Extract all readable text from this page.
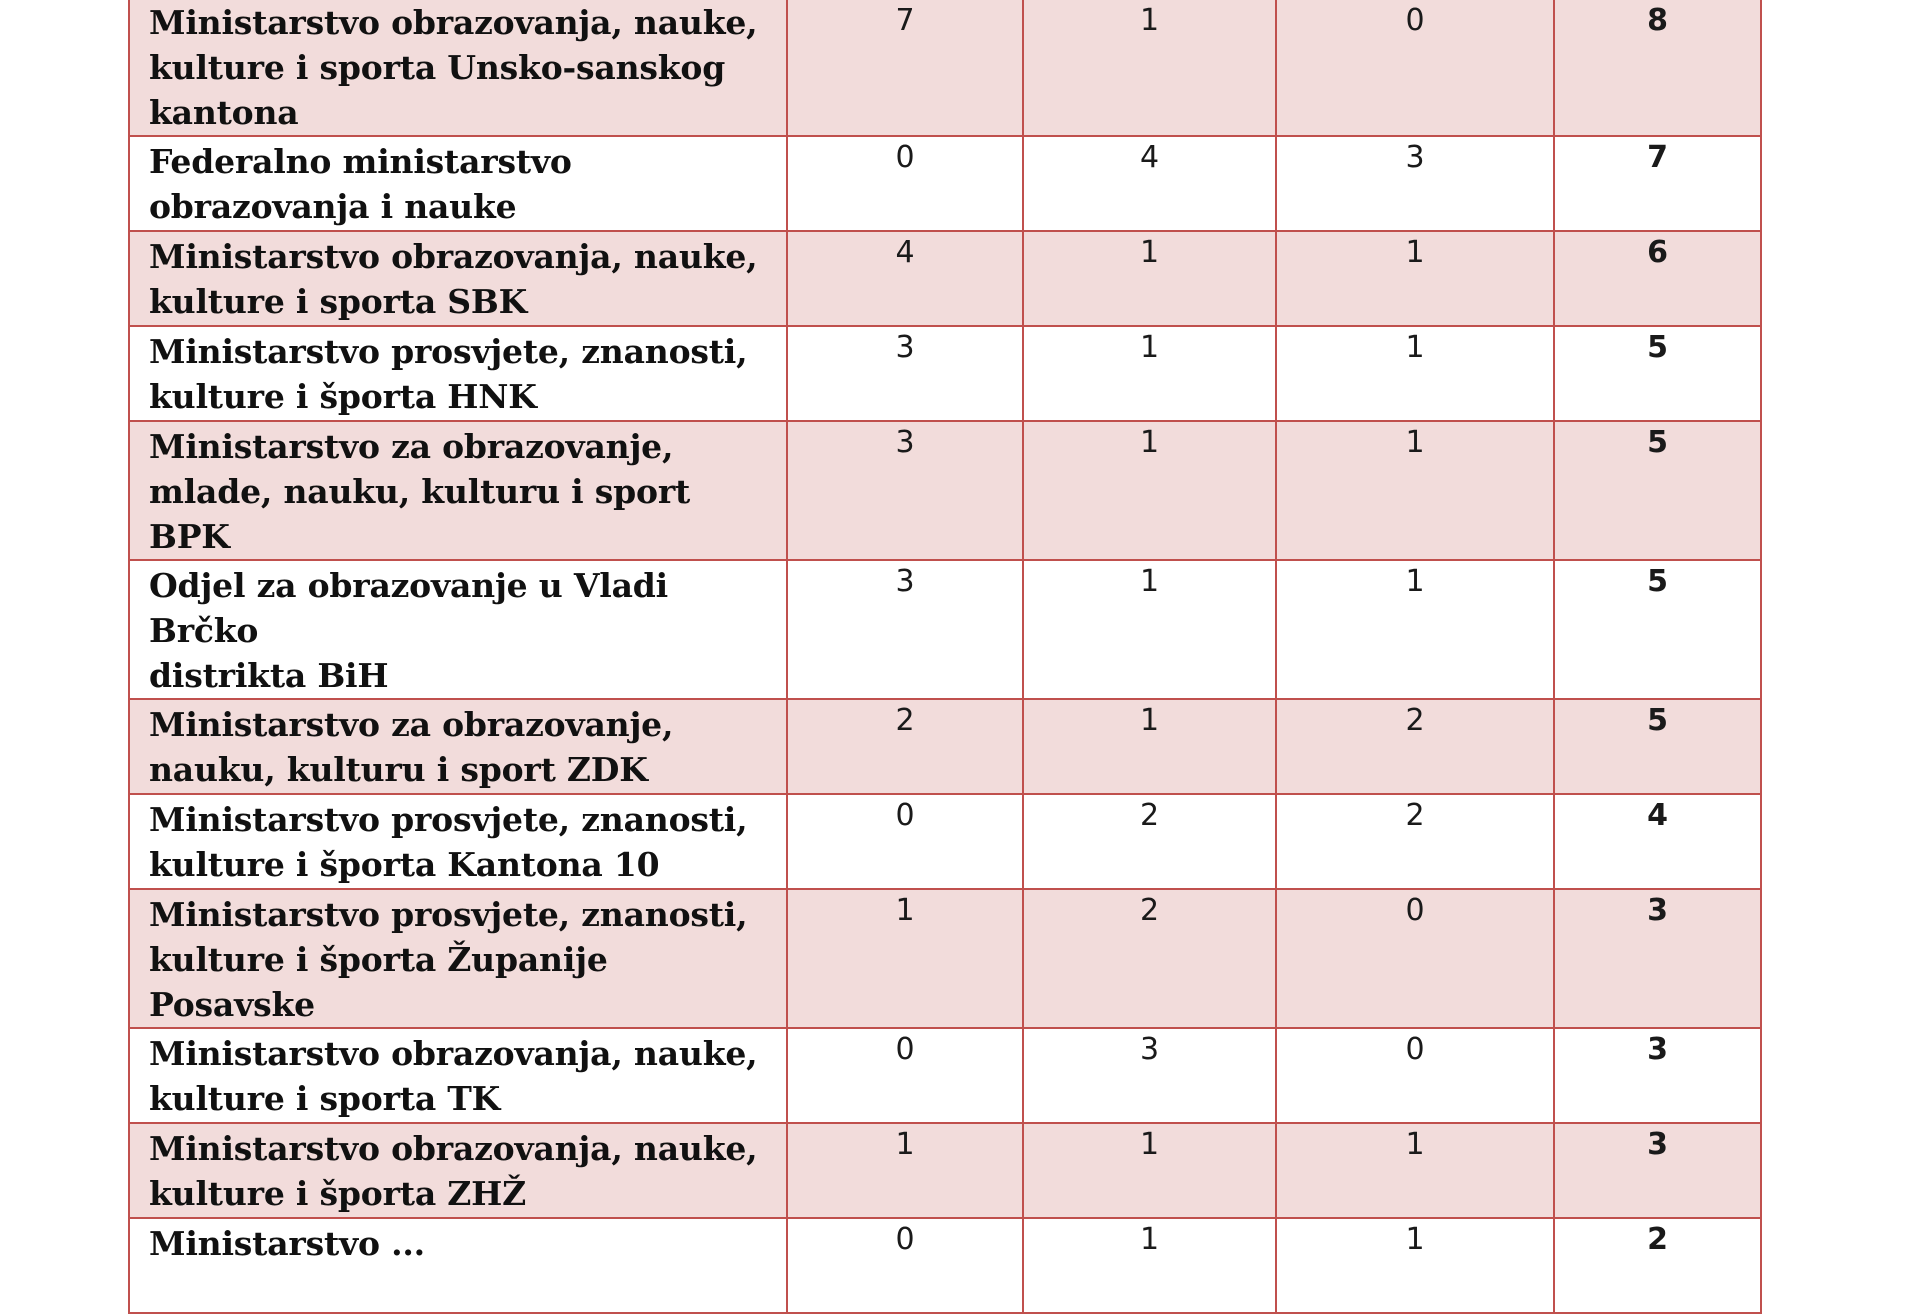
Ministarstvo obrazovanja, nauke,
kulture i sporta Unsko-sanskog
kantona	7	1	0	8
Federalno ministarstvo
obrazovanja i nauke	0	4	3	7
Ministarstvo obrazovanja, nauke,
kulture i sporta SBK	4	1	1	6
Ministarstvo prosvjete, znanosti,
kulture i športa HNK	3	1	1	5
Ministarstvo za obrazovanje,
mlade, nauku, kulturu i sport BPK	3	1	1	5
Odjel za obrazovanje u Vladi Brčko
distrikta BiH	3	1	1	5
Ministarstvo za obrazovanje,
nauku, kulturu i sport ZDK	2	1	2	5
Ministarstvo prosvjete, znanosti,
kulture i športa Kantona 10	0	2	2	4
Ministarstvo prosvjete, znanosti,
kulture i športa Županije Posavske	1	2	0	3
Ministarstvo obrazovanja, nauke,
kulture i sporta TK	0	3	0	3
Ministarstvo obrazovanja, nauke,
kulture i športa ZHŽ	1	1	1	3
Ministarstvo ...	0	1	1	2
